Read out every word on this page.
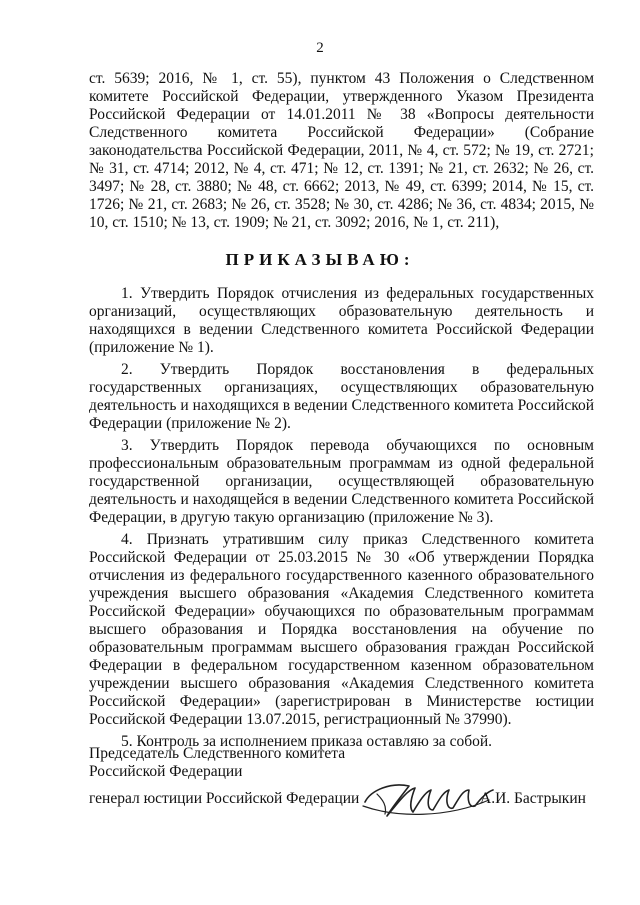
2
ст. 5639; 2016, № 1, ст. 55), пунктом 43 Положения о Следственном комитете Российской Федерации, утвержденного Указом Президента Российской Федерации от 14.01.2011 № 38 «Вопросы деятельности Следственного комитета Российской Федерации» (Собрание законодательства Российской Федерации, 2011, № 4, ст. 572; № 19, ст. 2721; № 31, ст. 4714; 2012, № 4, ст. 471; № 12, ст. 1391; № 21, ст. 2632; № 26, ст. 3497; № 28, ст. 3880; № 48, ст. 6662; 2013, № 49, ст. 6399; 2014, № 15, ст. 1726; № 21, ст. 2683; № 26, ст. 3528; № 30, ст. 4286; № 36, ст. 4834; 2015, № 10, ст. 1510; № 13, ст. 1909; № 21, ст. 3092; 2016, № 1, ст. 211),
ПРИКАЗЫВАЮ:

1. Утвердить Порядок отчисления из федеральных государственных организаций, осуществляющих образовательную деятельность и находящихся в ведении Следственного комитета Российской Федерации (приложение № 1).

2. Утвердить Порядок восстановления в федеральных государственных организациях, осуществляющих образовательную деятельность и находящихся в ведении Следственного комитета Российской Федерации (приложение № 2).

3. Утвердить Порядок перевода обучающихся по основным профессиональным образовательным программам из одной федеральной государственной организации, осуществляющей образовательную деятельность и находящейся в ведении Следственного комитета Российской Федерации, в другую такую организацию (приложение № 3).

4. Признать утратившим силу приказ Следственного комитета Российской Федерации от 25.03.2015 № 30 «Об утверждении Порядка отчисления из федерального государственного казенного образовательного учреждения высшего образования «Академия Следственного комитета Российской Федерации» обучающихся по образовательным программам высшего образования и Порядка восстановления на обучение по образовательным программам высшего образования граждан Российской Федерации в федеральном государственном казенном образовательном учреждении высшего образования «Академия Следственного комитета Российской Федерации» (зарегистрирован в Министерстве юстиции Российской Федерации 13.07.2015, регистрационный № 37990).

5. Контроль за исполнением приказа оставляю за собой.

Председатель Следственного комитета
Российской Федерации
генерал юстиции Российской Федерации	А.И. Бастрыкин
